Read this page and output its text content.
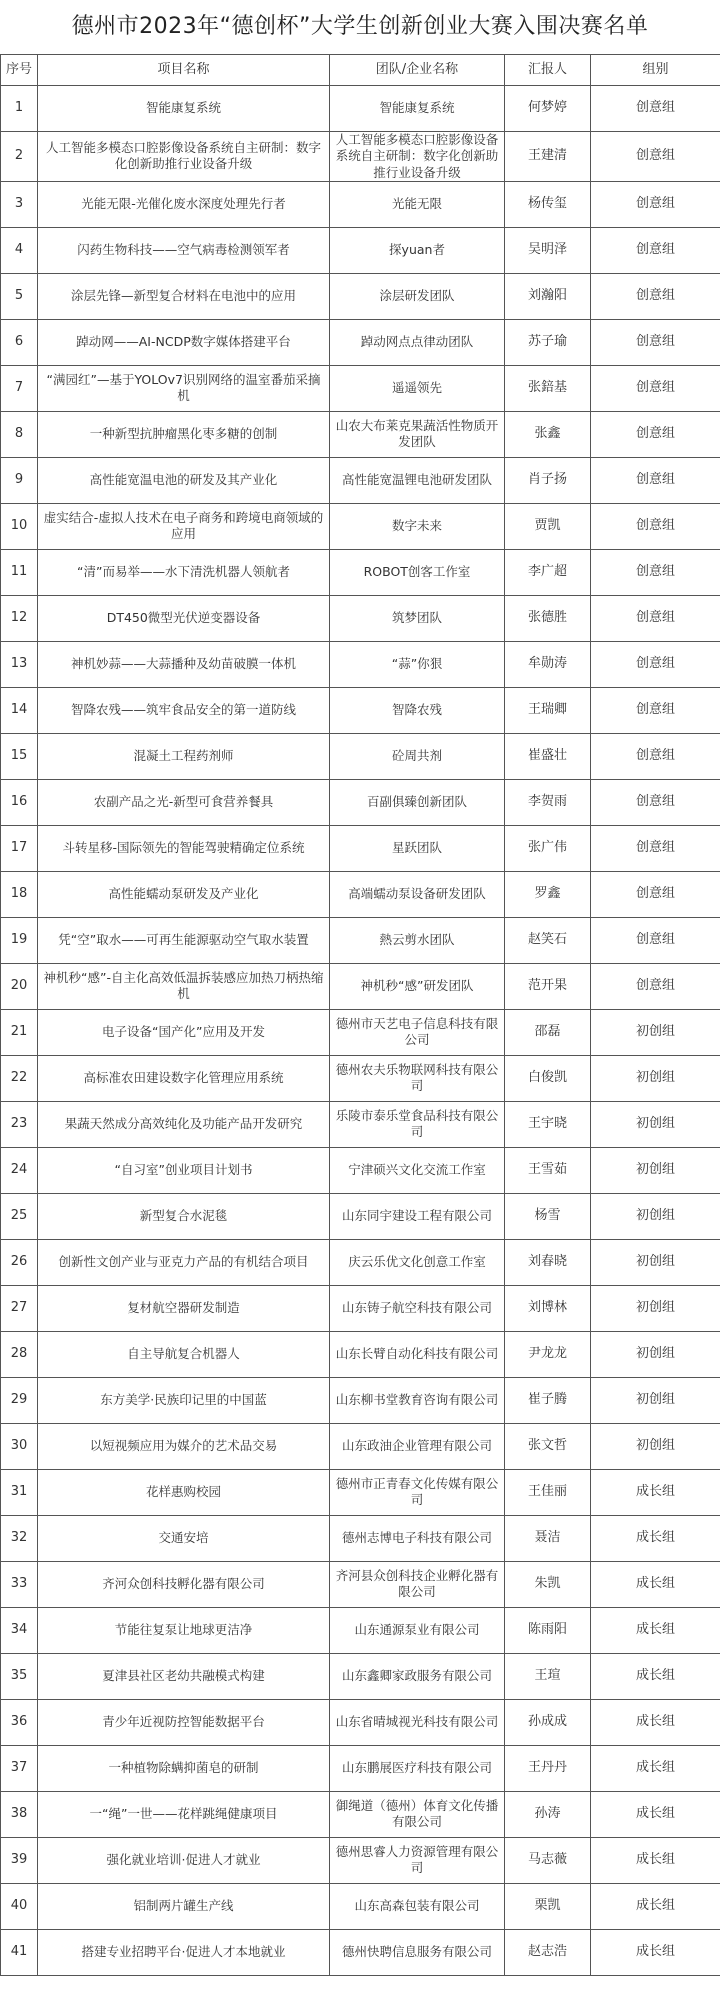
德州市2023年“德创杯”大学生创新创业大赛入围决赛名单
序号	项目名称	团队/企业名称	汇报人	组别
1	智能康复系统	智能康复系统	何梦婷	创意组
2	人工智能多模态口腔影像设备系统自主研制：数字化创新助推行业设备升级	人工智能多模态口腔影像设备系统自主研制：数字化创新助推行业设备升级	王建清	创意组
3	光能无限-光催化废水深度处理先行者	光能无限	杨传玺	创意组
4	闪药生物科技——空气病毒检测领军者	探yuan者	吴明泽	创意组
5	涂层先锋—新型复合材料在电池中的应用	涂层研发团队	刘瀚阳	创意组
6	踔动网——AI-NCDP数字媒体搭建平台	踔动网点点律动团队	苏子瑜	创意组
7	“满园红”—基于YOLOv7识别网络的温室番茄采摘机	遥遥领先	张錇基	创意组
8	一种新型抗肿瘤黑化枣多糖的创制	山农大布莱克果蔬活性物质开发团队	张鑫	创意组
9	高性能宽温电池的研发及其产业化	高性能宽温锂电池研发团队	肖子扬	创意组
10	虚实结合-虚拟人技术在电子商务和跨境电商领域的应用	数字未来	贾凯	创意组
11	“清”而易举——水下清洗机器人领航者	ROBOT创客工作室	李广超	创意组
12	DT450微型光伏逆变器设备	筑梦团队	张德胜	创意组
13	神机妙蒜——大蒜播种及幼苗破膜一体机	“蒜”你狠	牟勋涛	创意组
14	智降农残——筑牢食品安全的第一道防线	智降农残	王瑞卿	创意组
15	混凝土工程药剂师	砼周共剂	崔盛壮	创意组
16	农副产品之光-新型可食营养餐具	百副俱臻创新团队	李贺雨	创意组
17	斗转星移-国际领先的智能驾驶精确定位系统	星跃团队	张广伟	创意组
18	高性能蠕动泵研发及产业化	高端蠕动泵设备研发团队	罗鑫	创意组
19	凭“空”取水——可再生能源驱动空气取水装置	熱云剪水团队	赵笑石	创意组
20	神机秒“感”-自主化高效低温拆装感应加热刀柄热缩机	神机秒“感”研发团队	范开果	创意组
21	电子设备“国产化”应用及开发	德州市天艺电子信息科技有限公司	邵磊	初创组
22	高标准农田建设数字化管理应用系统	德州农夫乐物联网科技有限公司	白俊凯	初创组
23	果蔬天然成分高效纯化及功能产品开发研究	乐陵市泰乐堂食品科技有限公司	王宇晓	初创组
24	“自习室”创业项目计划书	宁津硕兴文化交流工作室	王雪茹	初创组
25	新型复合水泥毯	山东同宇建设工程有限公司	杨雪	初创组
26	创新性文创产业与亚克力产品的有机结合项目	庆云乐优文化创意工作室	刘春晓	初创组
27	复材航空器研发制造	山东铸子航空科技有限公司	刘博林	初创组
28	自主导航复合机器人	山东长臂自动化科技有限公司	尹龙龙	初创组
29	东方美学·民族印记里的中国蓝	山东柳书堂教育咨询有限公司	崔子腾	初创组
30	以短视频应用为媒介的艺术品交易	山东政油企业管理有限公司	张文哲	初创组
31	花样惠购校园	德州市正青春文化传媒有限公司	王佳丽	成长组
32	交通安培	德州志博电子科技有限公司	聂洁	成长组
33	齐河众创科技孵化器有限公司	齐河县众创科技企业孵化器有限公司	朱凯	成长组
34	节能往复泵让地球更洁净	山东通源泵业有限公司	陈雨阳	成长组
35	夏津县社区老幼共融模式构建	山东鑫卿家政服务有限公司	王瑄	成长组
36	青少年近视防控智能数据平台	山东省晴城视光科技有限公司	孙成成	成长组
37	一种植物除螨抑菌皂的研制	山东鹏展医疗科技有限公司	王丹丹	成长组
38	一“绳”一世——花样跳绳健康项目	御绳道（德州）体育文化传播有限公司	孙涛	成长组
39	强化就业培训·促进人才就业	德州思睿人力资源管理有限公司	马志薇	成长组
40	铝制两片罐生产线	山东高森包装有限公司	栗凯	成长组
41	搭建专业招聘平台·促进人才本地就业	德州快聘信息服务有限公司	赵志浩	成长组
